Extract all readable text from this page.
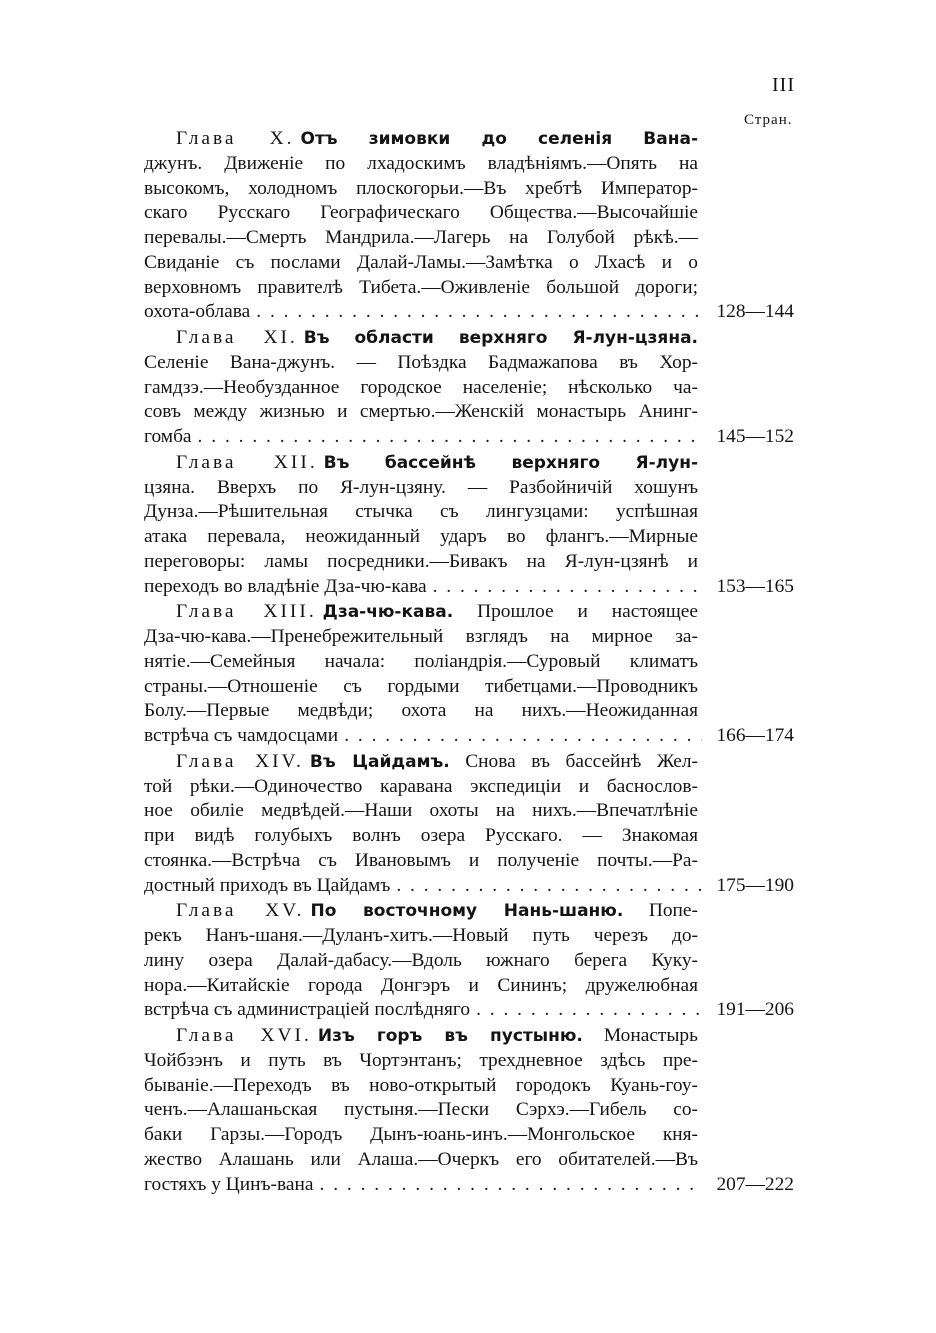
III
Стран.
Глава X. Отъ зимовки до селенія Вана-
джунъ. Движеніе по лхадоскимъ владѣніямъ.—Опять на
высокомъ, холодномъ плоскогорьи.—Въ хребтѣ Император-
скаго Русскаго Географическаго Общества.—Высочайшіе
перевалы.—Смерть Мандрила.—Лагерь на Голубой рѣкѣ.—
Свиданіе съ послами Далай-Ламы.—Замѣтка о Лхасѣ и о
верховномъ правителѣ Тибета.—Оживленіе большой дороги;
охота-облава . . .	128—144
Глава XI. Въ области верхняго Я-лун-цзяна.
Селеніе Вана-джунъ. — Поѣздка Бадмажапова въ Хор-
гамдзэ.—Необузданное городское населеніе; нѣсколько ча-
совъ между жизнью и смертью.—Женскій монастырь Анинг-
гомба . . .	145—152
Глава XII. Въ бассейнѣ верхняго Я-лун-
цзяна. Вверхъ по Я-лун-цзяну. — Разбойничій хошунъ
Дунза.—Рѣшительная стычка съ лингузцами: успѣшная
атака перевала, неожиданный ударъ во флангъ.—Мирные
переговоры: ламы посредники.—Бивакъ на Я-лун-цзянѣ и
переходъ во владѣніе Дза-чю-кава . . .	153—165
Глава XIII. Дза-чю-кава. Прошлое и настоящее
Дза-чю-кава.—Пренебрежительный взглядъ на мирное за-
нятіе.—Семейныя начала: поліандрія.—Суровый климатъ
страны.—Отношеніе съ гордыми тибетцами.—Проводникъ
Болу.—Первые медвѣди; охота на нихъ.—Неожиданная
встрѣча съ чамдосцами . . .	166—174
Глава XIV. Въ Цайдамъ. Снова въ бассейнѣ Жел-
той рѣки.—Одиночество каравана экспедиціи и баснослов-
ное обиліе медвѣдей.—Наши охоты на нихъ.—Впечатлѣніе
при видѣ голубыхъ волнъ озера Русскаго. — Знакомая
стоянка.—Встрѣча съ Ивановымъ и полученіе почты.—Ра-
достный приходъ въ Цайдамъ . . .	175—190
Глава XV. По восточному Нань-шаню. Попе-
рекъ Нанъ-шаня.—Дуланъ-хитъ.—Новый путь черезъ до-
лину озера Далай-дабасу.—Вдоль южнаго берега Куку-
нора.—Китайскіе города Донгэръ и Сининъ; дружелюбная
встрѣча съ администраціей послѣдняго . . .	191—206
Глава XVI. Изъ горъ въ пустыню. Монастырь
Чойбзэнъ и путь въ Чортэнтанъ; трехдневное здѣсь пре-
бываніе.—Переходъ въ ново-открытый городокъ Куань-гоу-
ченъ.—Алашаньская пустыня.—Пески Сэрхэ.—Гибель со-
баки Гарзы.—Городъ Дынъ-юань-инъ.—Монгольское кня-
жество Алашань или Алаша.—Очеркъ его обитателей.—Въ
гостяхъ у Цинъ-вана . . .	207—222
